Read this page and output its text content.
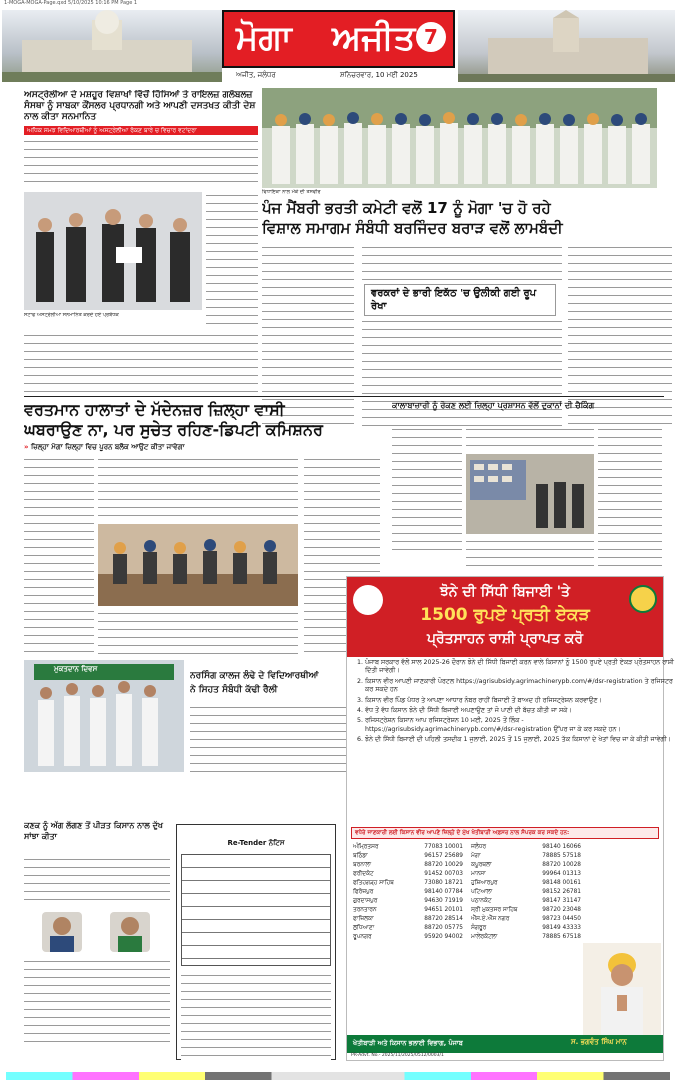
1-MOGA-MOGA-Page.qxd 5/10/2025 10:16 PM Page 1
ਮੋਗਾ ਅਜੀਤ 7
ਅਜੀਤ, ਜਲੰਧਰ	ਸ਼ਨਿਚਰਵਾਰ, 10 ਮਈ 2025
ਅਸਟ੍ਰੇਲੀਆ ਦੇ ਮਸ਼ਹੂਰ ਵਿਸ਼ਾਖਾਂ ਵਿੱਚੋਂ ਹਿੱਸਿਆਂ ਤੇ ਰਾਇਲਜ਼ ਗਲੋਬਲਜ਼ ਸੰਸਥਾ ਨੂੰ ਸਾਬਕਾ ਕੌਂਸਲਰ ਪ੍ਰਧਾਨਗੀ ਅਤੇ ਆਪਣੀ ਦਸਤਖਤ ਕੀਤੀ ਦੇਸ਼ ਨਾਲ ਕੀਤਾ ਸਨਮਾਨਿਤ
ਅਧਿਕ ਸਮਝ ਵਿਦਿਆਰਥੀਆਂ ਨੂੰ ਅਸਟ੍ਰੇਲੀਆ ਰੋਕਣ ਬਾਰੇ ਚ ਵਿਚਾਰ ਵਟਾਂਦਰਾ
ਸਟਾਫ ਅਸਟ੍ਰੇਲੀਆ ਸਨਮਾਨਿਤ ਕਰਦੇ ਹੋਏ ਪ੍ਰਬੰਧਕ
ਵਿਧਾਇਕਾ ਨਾਲ ਮੌਕੇ ਦੀ ਤਸਵੀਰ
ਪੰਜ ਮੈਂਬਰੀ ਭਰਤੀ ਕਮੇਟੀ ਵਲੋਂ 17 ਨੂੰ ਮੋਗਾ 'ਚ ਹੋ ਰਹੇ
ਵਿਸ਼ਾਲ ਸਮਾਗਮ ਸੰਬੰਧੀ ਬਰਜਿੰਦਰ ਬਰਾੜ ਵਲੋਂ ਲਾਮਬੰਦੀ
ਵਰਕਰਾਂ ਦੇ ਭਾਰੀ ਇਕੱਠ 'ਚ ਉਲੀਕੀ ਗਈ ਰੂਪ ਰੇਖਾ
ਵਰਤਮਾਨ ਹਾਲਾਤਾਂ ਦੇ ਮੱਦੇਨਜ਼ਰ ਜ਼ਿਲ੍ਹਾ ਵਾਸੀ
ਘਬਰਾਉਣ ਨਾ, ਪਰ ਸੁਚੇਤ ਰਹਿਣ-ਡਿਪਟੀ ਕਮਿਸ਼ਨਰ
» ਜ਼ਿਲ੍ਹਾ ਮੋਗਾ ਜ਼ਿਲ੍ਹਾ ਵਿਚ ਪੂਰਨ ਬਲੈਕ ਆਉਟ ਕੀਤਾ ਜਾਵੇਗਾ
ਕਾਲਾਬਾਜ਼ਾਰੀ ਨੂੰ ਰੋਕਣ ਲਈ ਜ਼ਿਲ੍ਹਾ ਪ੍ਰਸ਼ਾਸਨ ਵੱਲੋਂ ਦੁਕਾਨਾਂ ਦੀ ਚੈਕਿੰਗ
ਮੁਕਤਦਾਨ ਦਿਵਸ
ਨਰਸਿੰਗ ਕਾਲਜ ਲੰਢੇ ਦੇ ਵਿਦਿਆਰਥੀਆਂ
ਨੇ ਸਿਹਤ ਸੰਬੰਧੀ ਕੱਢੀ ਰੈਲੀ
ਕਣਕ ਨੂੰ ਅੱਗ ਲੱਗਣ ਤੋਂ ਪੀੜਤ ਕਿਸਾਨ ਨਾਲ ਦੁੱਖ ਸਾਂਝਾ ਕੀਤਾ
Re-Tender ਨੋਟਿਸ
ਝੋਨੇ ਦੀ ਸਿੱਧੀ ਬਿਜਾਈ 'ਤੇ
1500 ਰੁਪਏ ਪ੍ਰਤੀ ਏਕੜ
ਪ੍ਰੋਤਸਾਹਨ ਰਾਸ਼ੀ ਪ੍ਰਾਪਤ ਕਰੋ
1. ਪੰਜਾਬ ਸਰਕਾਰ ਵੱਲੋਂ ਸਾਲ 2025-26 ਦੌਰਾਨ ਝੋਨੇ ਦੀ ਸਿੱਧੀ ਬਿਜਾਈ ਕਰਨ ਵਾਲੇ ਕਿਸਾਨਾਂ ਨੂੰ 1500 ਰੁਪਏ ਪ੍ਰਤੀ ਏਕੜ ਪ੍ਰੋਤਸਾਹਨ ਰਾਸ਼ੀ ਦਿੱਤੀ ਜਾਵੇਗੀ।
2. ਕਿਸਾਨ ਵੀਰ ਆਪਣੀ ਜਾਣਕਾਰੀ ਪੋਰਟਲ https://agrisubsidy.agrimachinerypb.com/#/dsr-registration ਤੇ ਰਜਿਸਟਰ ਕਰ ਸਕਦੇ ਹਨ
3. ਕਿਸਾਨ ਵੀਰ ਪਿੰਡ ਪੱਧਰ ਤੇ ਆਪਣਾ ਆਧਾਰ ਨੰਬਰ ਰਾਹੀਂ ਬਿਜਾਈ ਤੋਂ ਬਾਅਦ ਹੀ ਰਜਿਸਟ੍ਰੇਸ਼ਨ ਕਰਵਾਉਣ।
4. ਵੱਧ ਤੋਂ ਵੱਧ ਕਿਸਾਨ ਝੋਨੇ ਦੀ ਸਿੱਧੀ ਬਿਜਾਈ ਅਪਣਾਉਣ ਤਾਂ ਜੋ ਪਾਣੀ ਦੀ ਬੱਚਤ ਕੀਤੀ ਜਾ ਸਕੇ।
5. ਰਜਿਸਟ੍ਰੇਸ਼ਨ ਕਿਸਾਨ ਆਪ ਰਜਿਸਟ੍ਰੇਸ਼ਨ 10 ਮਈ, 2025 ਤੋਂ ਲਿੰਕ - https://agrisubsidy.agrimachinerypb.com/#/dsr-registration ਉੱਪਰ ਜਾ ਕੇ ਕਰ ਸਕਦੇ ਹਨ।
6. ਝੋਨੇ ਦੀ ਸਿੱਧੀ ਬਿਜਾਈ ਦੀ ਪਹਿਲੀ ਤਸਦੀਕ 1 ਜੁਲਾਈ, 2025 ਤੋਂ 15 ਜੁਲਾਈ, 2025 ਤੱਕ ਕਿਸਾਨਾਂ ਦੇ ਖੇਤਾਂ ਵਿਚ ਜਾ ਕੇ ਕੀਤੀ ਜਾਵੇਗੀ।
ਵਧੇਰੇ ਜਾਣਕਾਰੀ ਲਈ ਕਿਸਾਨ ਵੀਰ ਆਪਣੇ ਜ਼ਿਲ੍ਹੇ ਦੇ ਮੁੱਖ ਖੇਤੀਬਾੜੀ ਅਫ਼ਸਰ ਨਾਲ ਸੰਪਰਕ ਕਰ ਸਕਦੇ ਹਨ:
ਅੰਮ੍ਰਿਤਸਰ	77083 10001 ਜਲੰਧਰ	98140 16066
ਬਠਿੰਡਾ	96157 25689 ਮੋਗਾ	78885 57518
ਬਰਨਾਲਾ	88720 10029 ਕਪੂਰਥਲਾ	88720 10028
ਫਰੀਦਕੋਟ	91452 00703 ਮਾਨਸਾ	99964 01313
ਫਤਿਹਗੜ੍ਹ ਸਾਹਿਬ	73080 18721 ਹੁਸ਼ਿਆਰਪੁਰ	98148 00161
ਫਿਰੋਜ਼ਪੁਰ	98140 07784 ਪਟਿਆਲਾ	98152 26781
ਗੁਰਦਾਸਪੁਰ	94630 71919 ਪਠਾਨਕੋਟ	98147 31147
ਤਰਨਤਾਰਨ	94651 20101 ਸ੍ਰੀ ਮੁਕਤਸਰ ਸਾਹਿਬ	98720 23048
ਫਾਜ਼ਿਲਕਾ	88720 28514 ਐੱਸ.ਏ.ਐੱਸ ਨਗਰ	98723 04450
ਲੁਧਿਆਣਾ	88720 05775 ਸੰਗਰੂਰ	98149 43333
ਰੂਪਨਗਰ	95920 94002 ਮਾਲੇਰਕੋਟਲਾ	78885 67518
ਖੇਤੀਬਾੜੀ ਅਤੇ ਕਿਸਾਨ ਭਲਾਈ ਵਿਭਾਗ, ਪੰਜਾਬ	ਸ. ਭਗਵੰਤ ਸਿੰਘ ਮਾਨ
PR-Advt. No.- 2025/11/2025/0512/0003/1
